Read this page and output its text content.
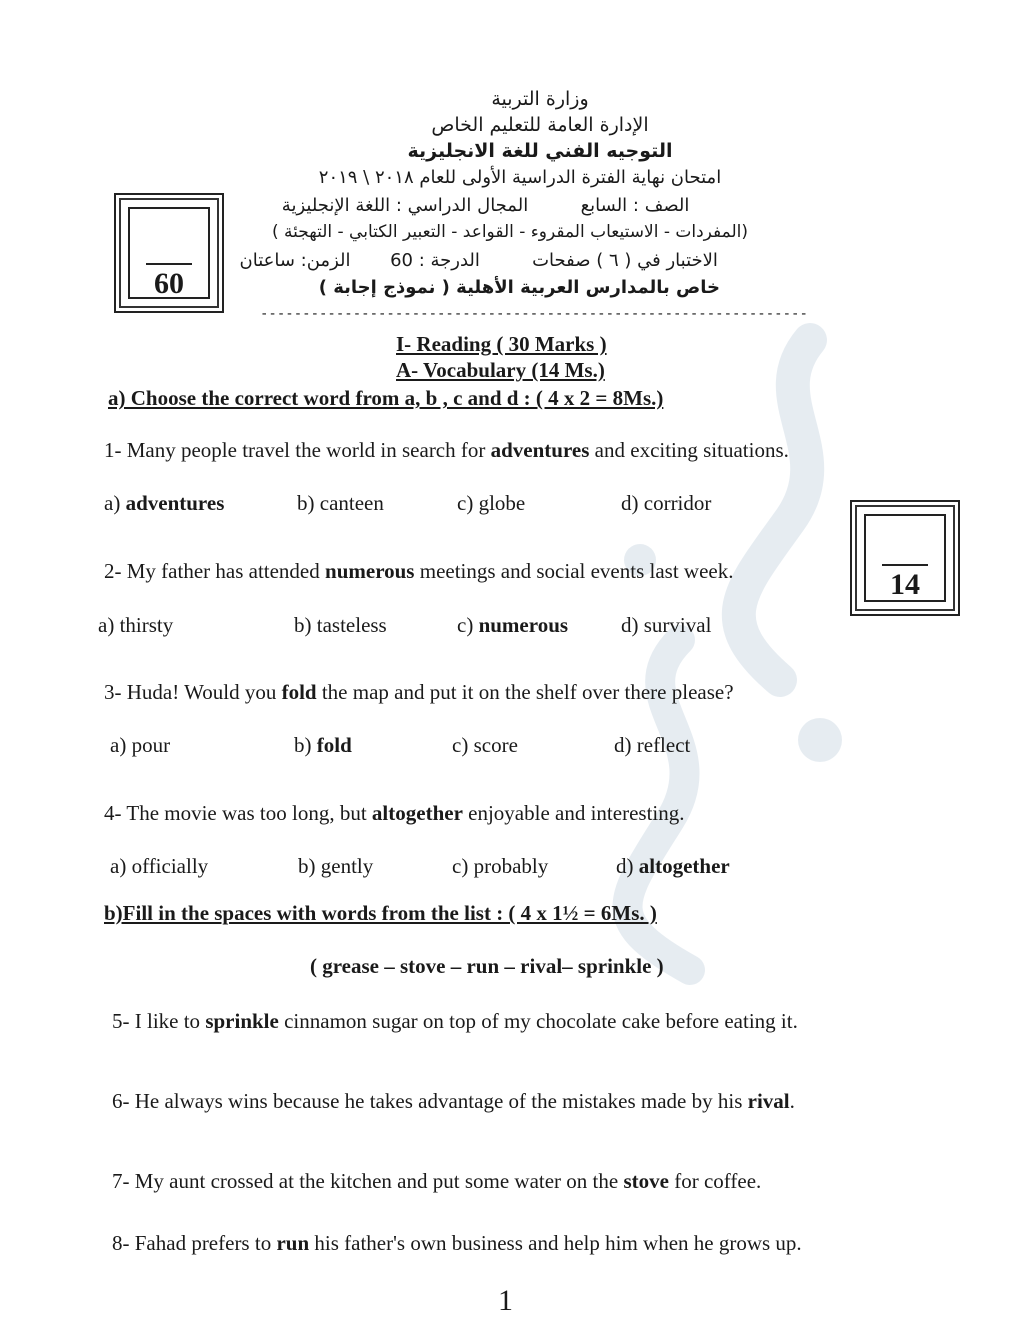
وزارة التربية
الإدارة العامة للتعليم الخاص
التوجيه الفني للغة الانجليزية
امتحان نهاية الفترة الدراسية الأولى للعام ٢٠١٨ \ ٢٠١٩
الصف : السابع
المجال الدراسي : اللغة الإنجليزية
(المفردات - الاستيعاب المقروء - القواعد - التعبير الكتابي - التهجئة )
الاختبار في ( ٦ ) صفحات
الدرجة : 60
الزمن: ساعتان
خاص بالمدارس العربية الأهلية ( نموذج إجابة )
-----------------------------------------------------------------
60
14
I- Reading ( 30 Marks )
A- Vocabulary (14 Ms.)
a) Choose the correct word from a, b , c and d : ( 4 x 2 = 8Ms.)
1- Many people travel the world in search for adventures and exciting situations.
a) adventures	b) canteen	c) globe	d) corridor
2- My father has attended numerous meetings and social events last week.
a) thirsty	b) tasteless	c) numerous	d) survival
3- Huda! Would you fold the map and put it on the shelf over there please?
a) pour	b) fold	c) score	d) reflect
4- The movie was too long, but altogether enjoyable and interesting.
a) officially	b) gently	c) probably	d) altogether
b)Fill in the spaces with words from the list : ( 4 x 1½ = 6Ms. )
( grease – stove – run – rival– sprinkle )
5- I like to sprinkle cinnamon sugar on top of my chocolate cake before eating it.
6- He always wins because he takes advantage of the mistakes made by his rival.
7- My aunt crossed at the kitchen and put some water on the stove for coffee.
8- Fahad prefers to run his father's own business and help him when he grows up.
1
